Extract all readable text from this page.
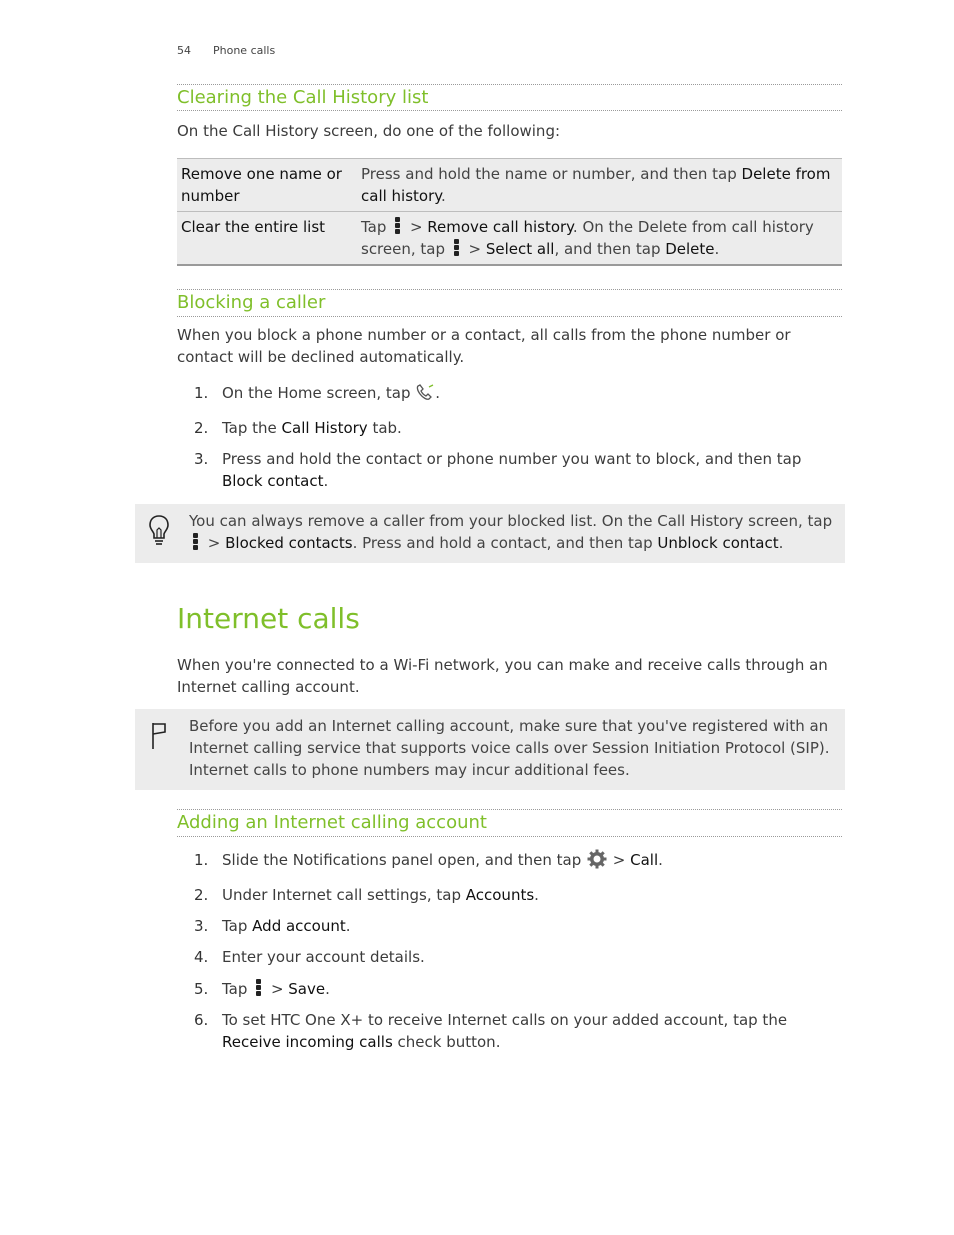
54 Phone calls
Clearing the Call History list

On the Call History screen, do one of the following:

Remove one name or number	Press and hold the name or number, and then tap Delete from call history.
Clear the entire list	Tap
> Remove call history. On the Delete from call history screen, tap
> Select all, and then tap Delete.
Blocking a caller

When you block a phone number or a contact, all calls from the phone number or contact will be declined automatically.

1. On the Home screen, tap .
2. Tap the Call History tab.
3. Press and hold the contact or phone number you want to block, and then tap Block contact.
You can always remove a caller from your blocked list. On the Call History screen, tap
> Blocked contacts. Press and hold a contact, and then tap Unblock contact.
Internet calls

When you're connected to a Wi-Fi network, you can make and receive calls through an Internet calling account.

Before you add an Internet calling account, make sure that you've registered with an Internet calling service that supports voice calls over Session Initiation Protocol (SIP). Internet calls to phone numbers may incur additional fees.
Adding an Internet calling account
1. Slide the Notifications panel open, and then tap  > Call.
2. Under Internet call settings, tap Accounts.
3. Tap Add account.
4. Enter your account details.
5. Tap
> Save.
6. To set HTC One X+ to receive Internet calls on your added account, tap the Receive incoming calls check button.
